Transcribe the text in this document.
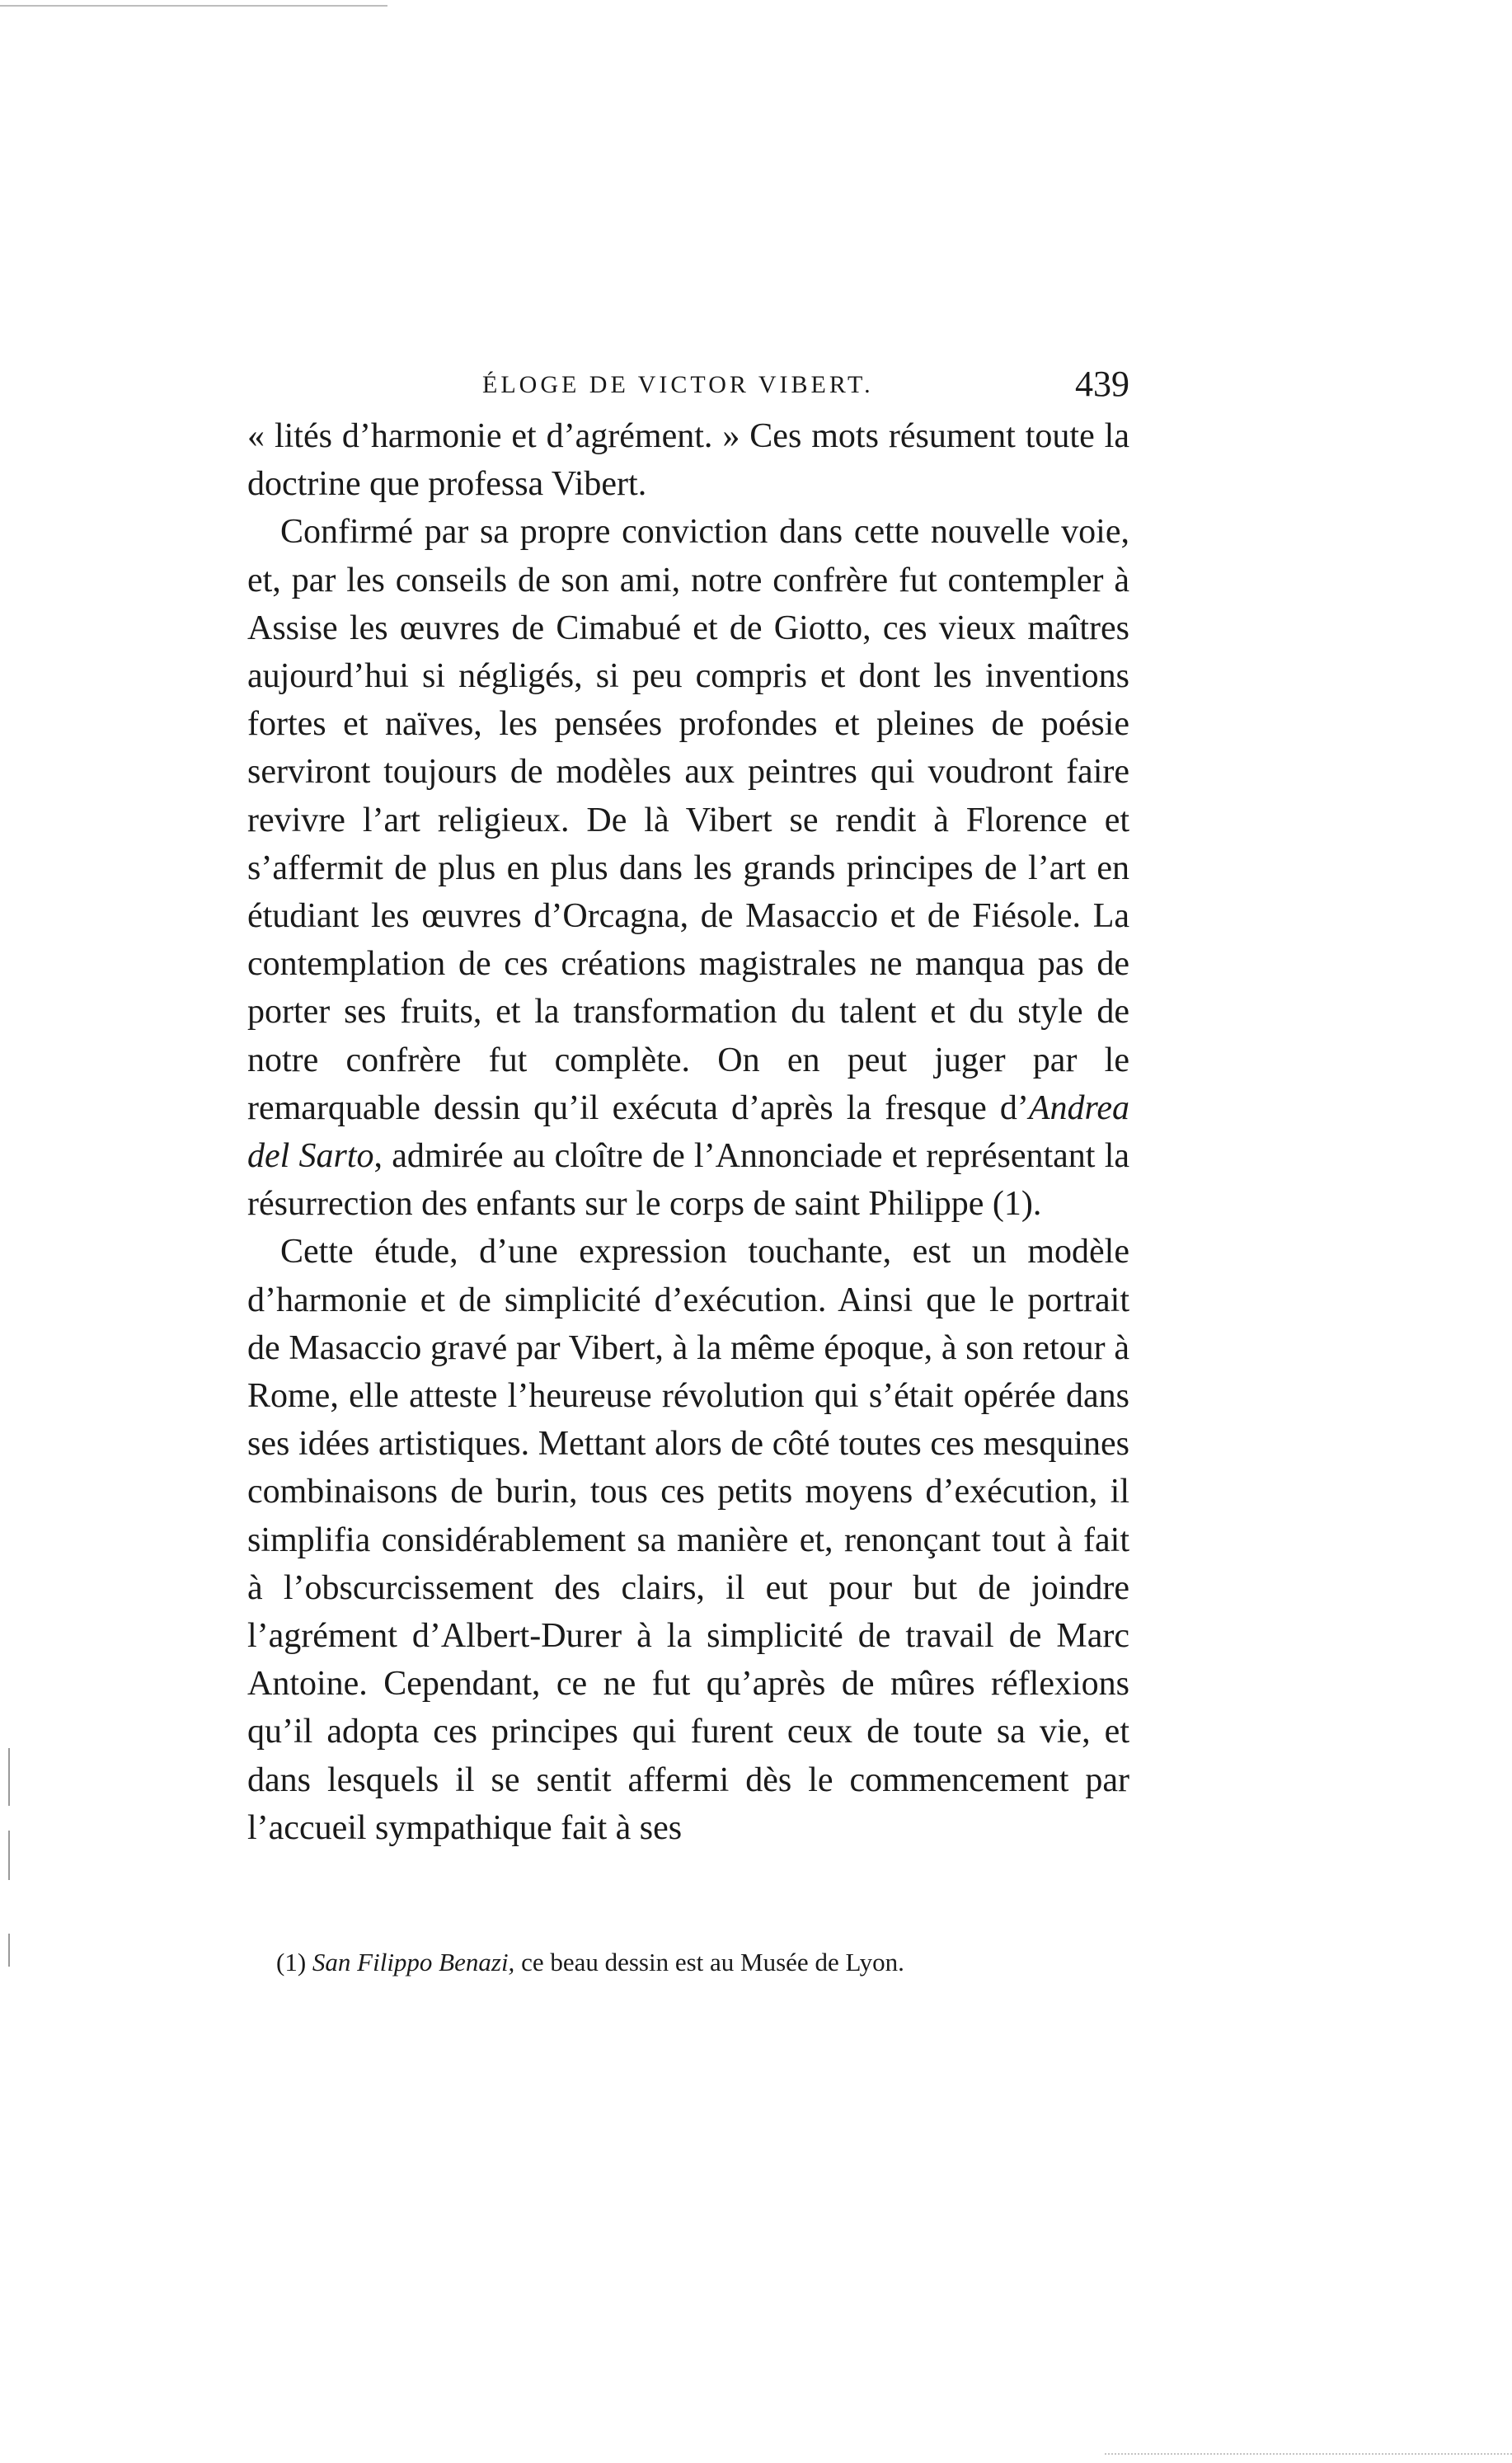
ÉLOGE DE VICTOR VIBERT.	439

« lités d’harmonie et d’agrément. » Ces mots résument toute la doctrine que professa Vibert.

Confirmé par sa propre conviction dans cette nouvelle voie, et, par les conseils de son ami, notre confrère fut contempler à Assise les œuvres de Cimabué et de Giotto, ces vieux maîtres aujourd’hui si négligés, si peu compris et dont les inventions fortes et naïves, les pensées profondes et pleines de poésie serviront toujours de modèles aux peintres qui voudront faire revivre l’art religieux. De là Vibert se rendit à Florence et s’affermit de plus en plus dans les grands principes de l’art en étudiant les œuvres d’Orcagna, de Masaccio et de Fiésole. La contemplation de ces créations magistrales ne manqua pas de porter ses fruits, et la transformation du talent et du style de notre confrère fut complète. On en peut juger par le remarquable dessin qu’il exécuta d’après la fresque d’Andrea del Sarto, admirée au cloître de l’Annonciade et représentant la résurrection des enfants sur le corps de saint Philippe (1).

Cette étude, d’une expression touchante, est un modèle d’harmonie et de simplicité d’exécution. Ainsi que le portrait de Masaccio gravé par Vibert, à la même époque, à son retour à Rome, elle atteste l’heureuse révolution qui s’était opérée dans ses idées artistiques. Mettant alors de côté toutes ces mesquines combinaisons de burin, tous ces petits moyens d’exécution, il simplifia considérablement sa manière et, renonçant tout à fait à l’obscurcissement des clairs, il eut pour but de joindre l’agrément d’Albert-Durer à la simplicité de travail de Marc Antoine. Cependant, ce ne fut qu’après de mûres réflexions qu’il adopta ces principes qui furent ceux de toute sa vie, et dans lesquels il se sentit affermi dès le commencement par l’accueil sympathique fait à ses

(1) San Filippo Benazi, ce beau dessin est au Musée de Lyon.
